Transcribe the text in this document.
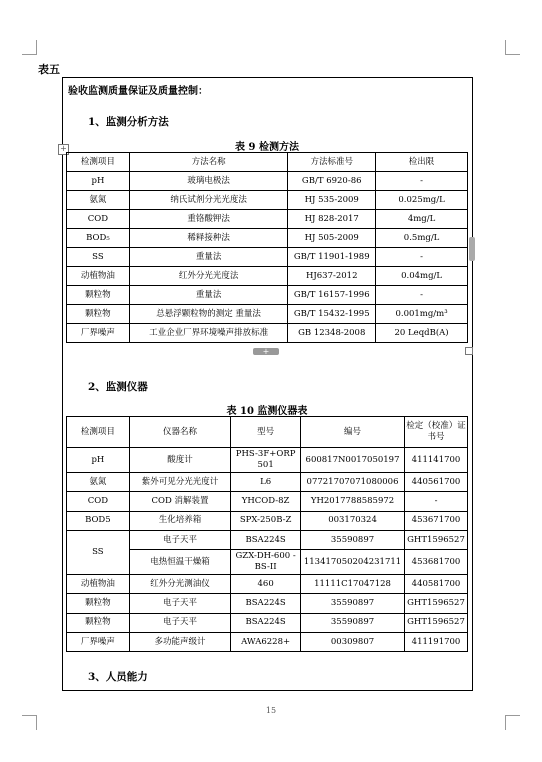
表五
验收监测质量保证及质量控制：
1、监测分析方法
表 9 检测方法
+
检测项目	方法名称	方法标准号	检出限
pH	玻璃电极法	GB/T 6920-86	-
氨氮	纳氏试剂分光光度法	HJ 535-2009	0.025mg/L
COD	重铬酸钾法	HJ 828-2017	4mg/L
BOD₅	稀释接种法	HJ 505-2009	0.5mg/L
SS	重量法	GB/T 11901-1989	-
动植物油	红外分光光度法	HJ637-2012	0.04mg/L
颗粒物	重量法	GB/T 16157-1996	-
颗粒物	总悬浮颗粒物的测定 重量法	GB/T 15432-1995	0.001mg/m³
厂界噪声	工业企业厂界环境噪声排放标准	GB 12348-2008	20 LeqdB(A)
+
2、监测仪器
表 10 监测仪器表
检测项目	仪器名称	型号	编号	检定（校准）证书号
pH	酸度计	PHS-3F+ORP 501	600817N0017050197	411141700
氨氮	紫外可见分光光度计	L6	07721707071080006	440561700
COD	COD 消解装置	YHCOD-8Z	YH2017788585972	-
BOD5	生化培养箱	SPX-250B-Z	003170324	453671700
SS	电子天平	BSA224S	35590897	GHT1596527
	电热恒温干燥箱	GZX-DH-600 -BS-II	113417050204231711	453681700
动植物油	红外分光测油仪	460	11111C17047128	440581700
颗粒物	电子天平	BSA224S	35590897	GHT1596527
颗粒物	电子天平	BSA224S	35590897	GHT1596527
厂界噪声	多功能声级计	AWA6228+	00309807	411191700
3、人员能力
15
